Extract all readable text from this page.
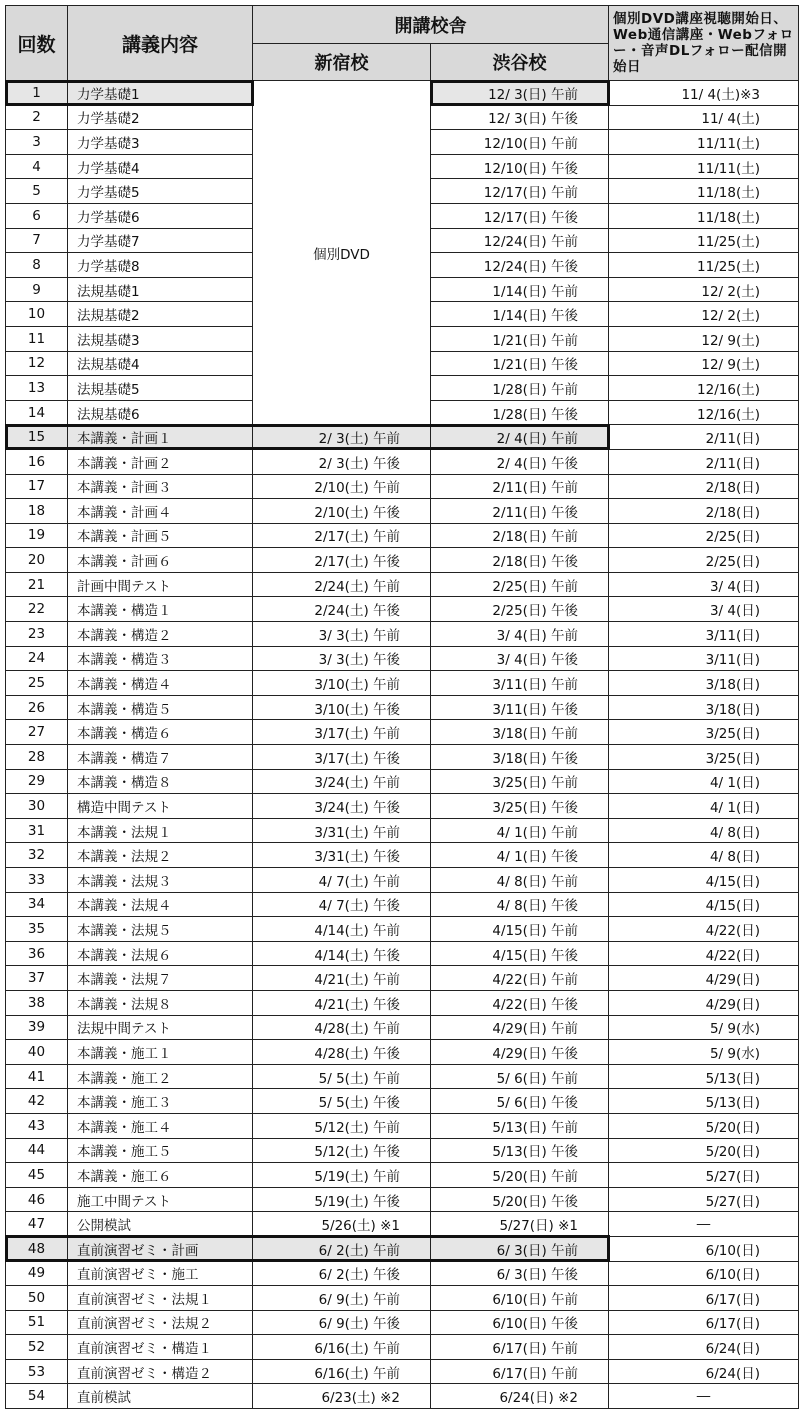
回数	講義内容	開講校舎		個別DVD講座視聴開始日、Web通信講座・Webフォロー・音声DLフォロー配信開始日
		新宿校	渋谷校	
1	力学基礎1	個別DVD	12/ 3(日) 午前	11/ 4(土)※3
2	力学基礎2		12/ 3(日) 午後	11/ 4(土)
3	力学基礎3		12/10(日) 午前	11/11(土)
4	力学基礎4		12/10(日) 午後	11/11(土)
5	力学基礎5		12/17(日) 午前	11/18(土)
6	力学基礎6		12/17(日) 午後	11/18(土)
7	力学基礎7		12/24(日) 午前	11/25(土)
8	力学基礎8		12/24(日) 午後	11/25(土)
9	法規基礎1		1/14(日) 午前	12/ 2(土)
10	法規基礎2		1/14(日) 午後	12/ 2(土)
11	法規基礎3		1/21(日) 午前	12/ 9(土)
12	法規基礎4		1/21(日) 午後	12/ 9(土)
13	法規基礎5		1/28(日) 午前	12/16(土)
14	法規基礎6		1/28(日) 午後	12/16(土)
15	本講義・計画１	2/ 3(土) 午前	2/ 4(日) 午前	2/11(日)
16	本講義・計画２	2/ 3(土) 午後	2/ 4(日) 午後	2/11(日)
17	本講義・計画３	2/10(土) 午前	2/11(日) 午前	2/18(日)
18	本講義・計画４	2/10(土) 午後	2/11(日) 午後	2/18(日)
19	本講義・計画５	2/17(土) 午前	2/18(日) 午前	2/25(日)
20	本講義・計画６	2/17(土) 午後	2/18(日) 午後	2/25(日)
21	計画中間テスト	2/24(土) 午前	2/25(日) 午前	3/ 4(日)
22	本講義・構造１	2/24(土) 午後	2/25(日) 午後	3/ 4(日)
23	本講義・構造２	3/ 3(土) 午前	3/ 4(日) 午前	3/11(日)
24	本講義・構造３	3/ 3(土) 午後	3/ 4(日) 午後	3/11(日)
25	本講義・構造４	3/10(土) 午前	3/11(日) 午前	3/18(日)
26	本講義・構造５	3/10(土) 午後	3/11(日) 午後	3/18(日)
27	本講義・構造６	3/17(土) 午前	3/18(日) 午前	3/25(日)
28	本講義・構造７	3/17(土) 午後	3/18(日) 午後	3/25(日)
29	本講義・構造８	3/24(土) 午前	3/25(日) 午前	4/ 1(日)
30	構造中間テスト	3/24(土) 午後	3/25(日) 午後	4/ 1(日)
31	本講義・法規１	3/31(土) 午前	4/ 1(日) 午前	4/ 8(日)
32	本講義・法規２	3/31(土) 午後	4/ 1(日) 午後	4/ 8(日)
33	本講義・法規３	4/ 7(土) 午前	4/ 8(日) 午前	4/15(日)
34	本講義・法規４	4/ 7(土) 午後	4/ 8(日) 午後	4/15(日)
35	本講義・法規５	4/14(土) 午前	4/15(日) 午前	4/22(日)
36	本講義・法規６	4/14(土) 午後	4/15(日) 午後	4/22(日)
37	本講義・法規７	4/21(土) 午前	4/22(日) 午前	4/29(日)
38	本講義・法規８	4/21(土) 午後	4/22(日) 午後	4/29(日)
39	法規中間テスト	4/28(土) 午前	4/29(日) 午前	5/ 9(水)
40	本講義・施工１	4/28(土) 午後	4/29(日) 午後	5/ 9(水)
41	本講義・施工２	5/ 5(土) 午前	5/ 6(日) 午前	5/13(日)
42	本講義・施工３	5/ 5(土) 午後	5/ 6(日) 午後	5/13(日)
43	本講義・施工４	5/12(土) 午前	5/13(日) 午前	5/20(日)
44	本講義・施工５	5/12(土) 午後	5/13(日) 午後	5/20(日)
45	本講義・施工６	5/19(土) 午前	5/20(日) 午前	5/27(日)
46	施工中間テスト	5/19(土) 午後	5/20(日) 午後	5/27(日)
47	公開模試	5/26(土) ※1	5/27(日) ※1	―
48	直前演習ゼミ・計画	6/ 2(土) 午前	6/ 3(日) 午前	6/10(日)
49	直前演習ゼミ・施工	6/ 2(土) 午後	6/ 3(日) 午後	6/10(日)
50	直前演習ゼミ・法規１	6/ 9(土) 午前	6/10(日) 午前	6/17(日)
51	直前演習ゼミ・法規２	6/ 9(土) 午後	6/10(日) 午後	6/17(日)
52	直前演習ゼミ・構造１	6/16(土) 午前	6/17(日) 午前	6/24(日)
53	直前演習ゼミ・構造２	6/16(土) 午前	6/17(日) 午前	6/24(日)
54	直前模試	6/23(土) ※2	6/24(日) ※2	―
